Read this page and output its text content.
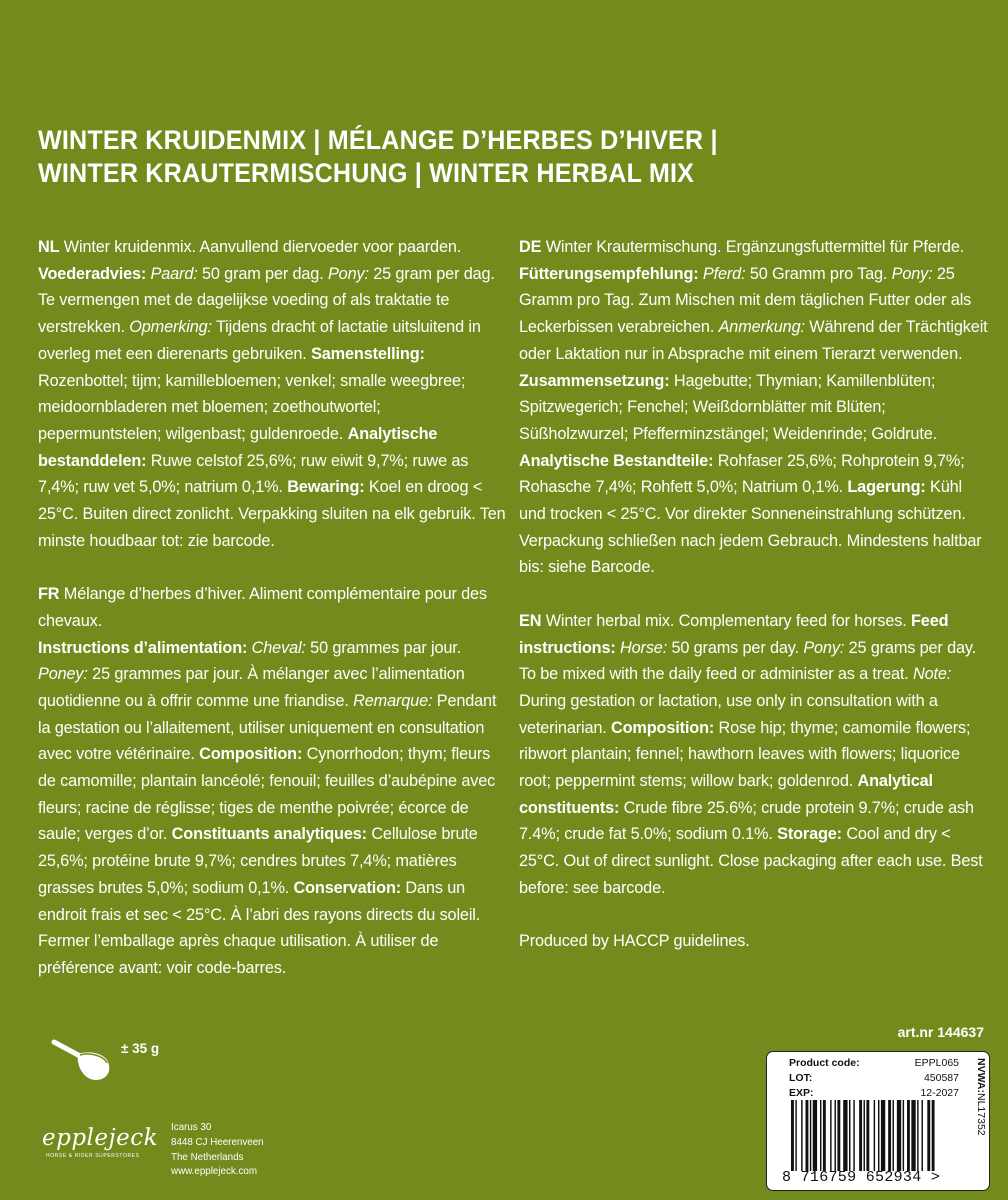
WINTER KRUIDENMIX | MÉLANGE D’HERBES D’HIVER |
WINTER KRAUTERMISCHUNG | WINTER HERBAL MIX

NL Winter kruidenmix. Aanvullend diervoeder voor paarden. Voederadvies: Paard: 50 gram per dag. Pony: 25 gram per dag. Te vermengen met de dagelijkse voeding of als traktatie te verstrekken. Opmerking: Tijdens dracht of lactatie uitsluitend in overleg met een dierenarts gebruiken. Samenstelling: Rozenbottel; tijm; kamillebloemen; venkel; smalle weegbree; meidoornbladeren met bloemen; zoethoutwortel; pepermuntstelen; wilgenbast; guldenroede. Analytische bestanddelen: Ruwe celstof 25,6%; ruw eiwit 9,7%; ruwe as 7,4%; ruw vet 5,0%; natrium 0,1%. Bewaring: Koel en droog < 25°C. Buiten direct zonlicht. Verpakking sluiten na elk gebruik. Ten minste houdbaar tot: zie barcode.

FR Mélange d’herbes d’hiver. Aliment complémentaire pour des chevaux.
Instructions d’alimentation: Cheval: 50 grammes par jour. Poney: 25 grammes par jour. À mélanger avec l’alimentation quotidienne ou à offrir comme une friandise. Remarque: Pendant la gestation ou l’allaitement, utiliser uniquement en consultation avec votre vétérinaire. Composition: Cynorrhodon; thym; fleurs de camomille; plantain lancéolé; fenouil; feuilles d’aubépine avec fleurs; racine de réglisse; tiges de menthe poivrée; écorce de saule; verges d’or. Constituants analytiques: Cellulose brute 25,6%; protéine brute 9,7%; cendres brutes 7,4%; matières grasses brutes 5,0%; sodium 0,1%. Conservation: Dans un endroit frais et sec < 25°C. À l’abri des rayons directs du soleil. Fermer l’emballage après chaque utilisation. À utiliser de préférence avant: voir code-barres.

DE Winter Krautermischung. Ergänzungsfuttermittel für Pferde. Fütterungsempfehlung: Pferd: 50 Gramm pro Tag. Pony: 25 Gramm pro Tag. Zum Mischen mit dem täglichen Futter oder als Leckerbissen verabreichen. Anmerkung: Während der Trächtigkeit oder Laktation nur in Absprache mit einem Tierarzt verwenden. Zusammensetzung: Hagebutte; Thymian; Kamillenblüten; Spitzwegerich; Fenchel; Weißdornblätter mit Blüten; Süßholzwurzel; Pfefferminzstängel; Weidenrinde; Goldrute. Analytische Bestandteile: Rohfaser 25,6%; Rohprotein 9,7%; Rohasche 7,4%; Rohfett 5,0%; Natrium 0,1%. Lagerung: Kühl und trocken < 25°C. Vor direkter Sonneneinstrahlung schützen. Verpackung schließen nach jedem Gebrauch. Mindestens haltbar bis: siehe Barcode.

EN Winter herbal mix. Complementary feed for horses. Feed instructions: Horse: 50 grams per day. Pony: 25 grams per day. To be mixed with the daily feed or administer as a treat. Note: During gestation or lactation, use only in consultation with a veterinarian. Composition: Rose hip; thyme; camomile flowers; ribwort plantain; fennel; hawthorn leaves with flowers; liquorice root; peppermint stems; willow bark; goldenrod. Analytical constituents: Crude fibre 25.6%; crude protein 9.7%; crude ash 7.4%; crude fat 5.0%; sodium 0.1%. Storage: Cool and dry < 25°C. Out of direct sunlight. Close packaging after each use. Best before: see barcode.

Produced by HACCP guidelines.

art.nr 144637
± 35 g
epplejeck
HORSE & RIDER SUPERSTORES
Icarus 30
8448 CJ Heerenveen
The Netherlands
www.epplejeck.com
Product code:	EPPL065
LOT:	450587
EXP:	12-2027 NVWA:NL17352
8 716759 652934 >
